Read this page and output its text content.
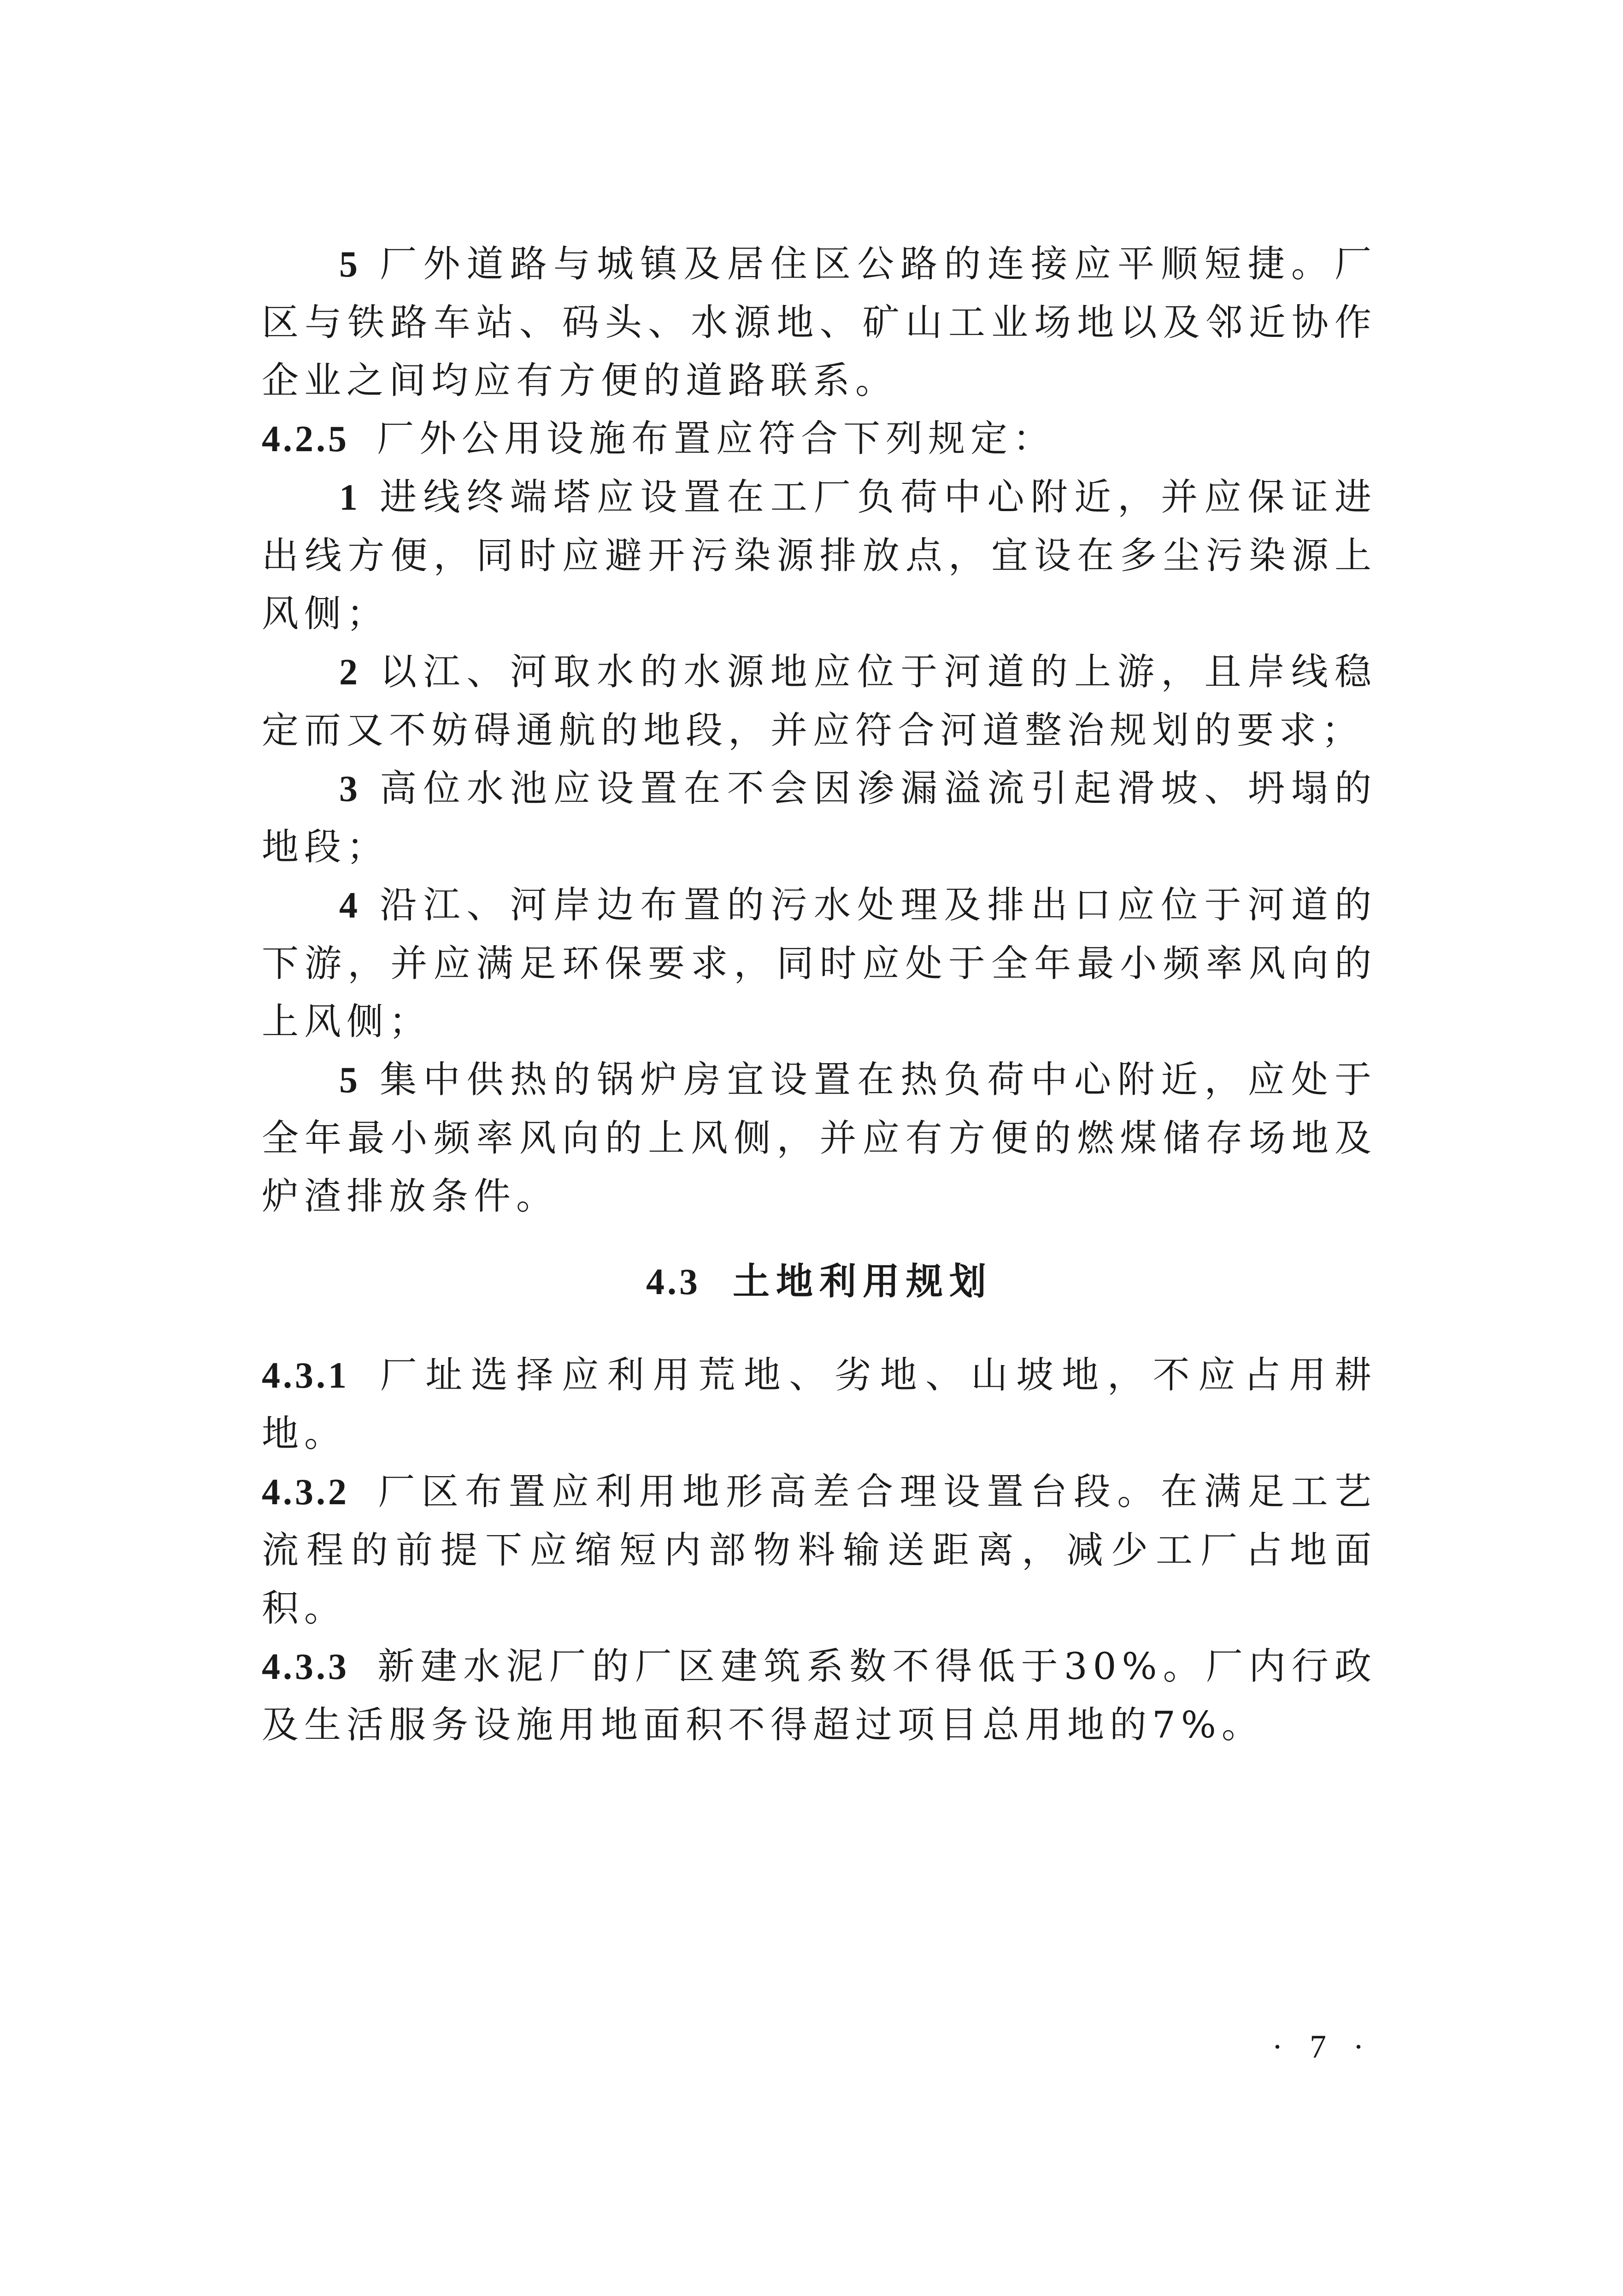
5 厂外道路与城镇及居住区公路的连接应平顺短捷。厂区与铁路车站、码头、水源地、矿山工业场地以及邻近协作企业之间均应有方便的道路联系。

4.2.5 厂外公用设施布置应符合下列规定：

1 进线终端塔应设置在工厂负荷中心附近，并应保证进出线方便，同时应避开污染源排放点，宜设在多尘污染源上风侧；

2 以江、河取水的水源地应位于河道的上游，且岸线稳定而又不妨碍通航的地段，并应符合河道整治规划的要求；

3 高位水池应设置在不会因渗漏溢流引起滑坡、坍塌的地段；

4 沿江、河岸边布置的污水处理及排出口应位于河道的下游，并应满足环保要求，同时应处于全年最小频率风向的上风侧；

5 集中供热的锅炉房宜设置在热负荷中心附近，应处于全年最小频率风向的上风侧，并应有方便的燃煤储存场地及炉渣排放条件。

4.3 土地利用规划

4.3.1 厂址选择应利用荒地、劣地、山坡地，不应占用耕地。

4.3.2 厂区布置应利用地形高差合理设置台段。在满足工艺流程的前提下应缩短内部物料输送距离，减少工厂占地面积。

4.3.3 新建水泥厂的厂区建筑系数不得低于30%。厂内行政及生活服务设施用地面积不得超过项目总用地的7%。

· 7 ·
